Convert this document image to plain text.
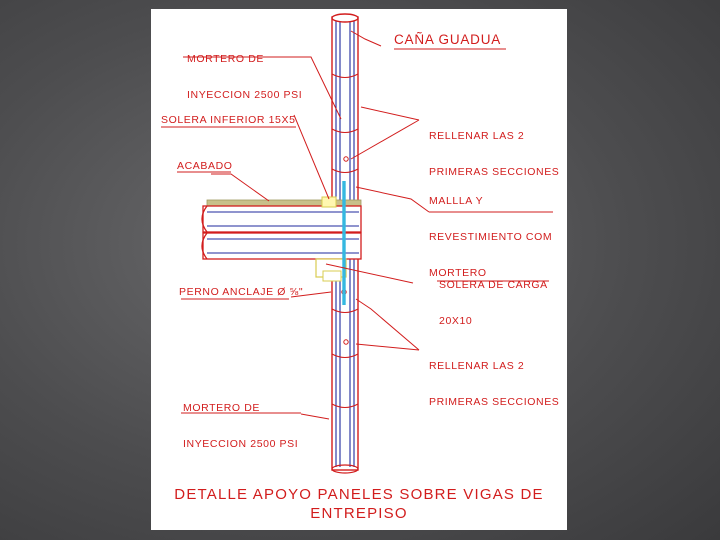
MORTERO DE

INYECCION 2500 PSI

CAÑA GUADUA
SOLERA INFERIOR 15X5

RELLENAR LAS 2

PRIMERAS SECCIONES

ACABADO

MALLLA Y

REVESTIMIENTO COM

MORTERO

SOLERA DE CARGA

20X10

PERNO ANCLAJE Ø ⅝"

RELLENAR LAS 2

PRIMERAS SECCIONES

MORTERO DE

INYECCION 2500 PSI

DETALLE APOYO PANELES SOBRE VIGAS DE
ENTREPISO
